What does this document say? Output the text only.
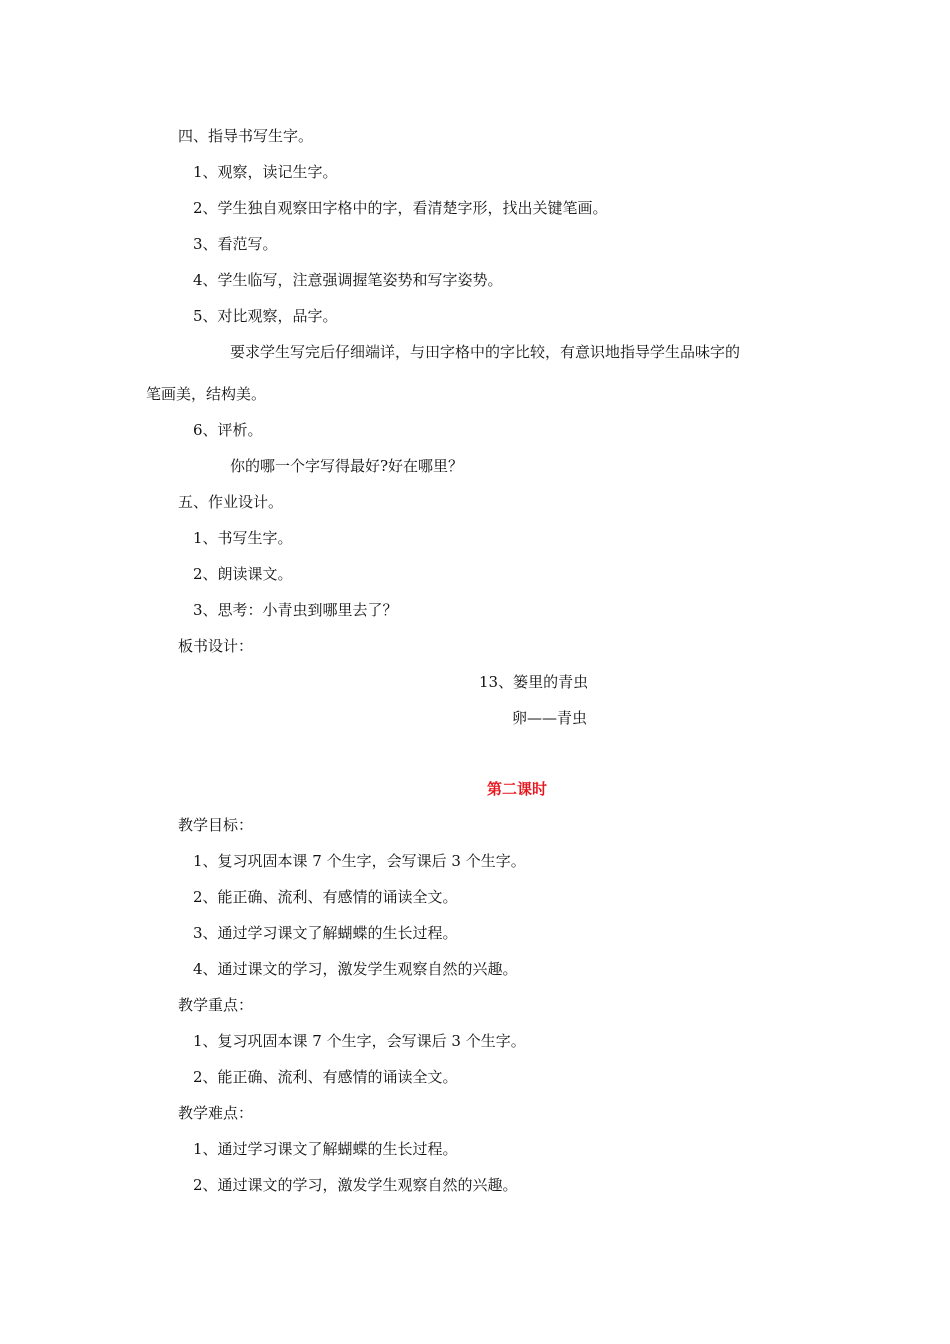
四、指导书写生字。
1、观察，读记生字。
2、学生独自观察田字格中的字，看清楚字形，找出关键笔画。
3、看范写。
4、学生临写，注意强调握笔姿势和写字姿势。
5、对比观察，品字。
要求学生写完后仔细端详，与田字格中的字比较，有意识地指导学生品味字的
笔画美，结构美。
6、评析。
你的哪一个字写得最好?好在哪里？
五、作业设计。
1、书写生字。
2、朗读课文。
3、思考：小青虫到哪里去了？
板书设计：
13、篓里的青虫
卵——青虫
第二课时
教学目标：
1、复习巩固本课 7 个生字，会写课后 3 个生字。
2、能正确、流利、有感情的诵读全文。
3、通过学习课文了解蝴蝶的生长过程。
4、通过课文的学习，激发学生观察自然的兴趣。
教学重点：
1、复习巩固本课 7 个生字，会写课后 3 个生字。
2、能正确、流利、有感情的诵读全文。
教学难点：
1、通过学习课文了解蝴蝶的生长过程。
2、通过课文的学习，激发学生观察自然的兴趣。
